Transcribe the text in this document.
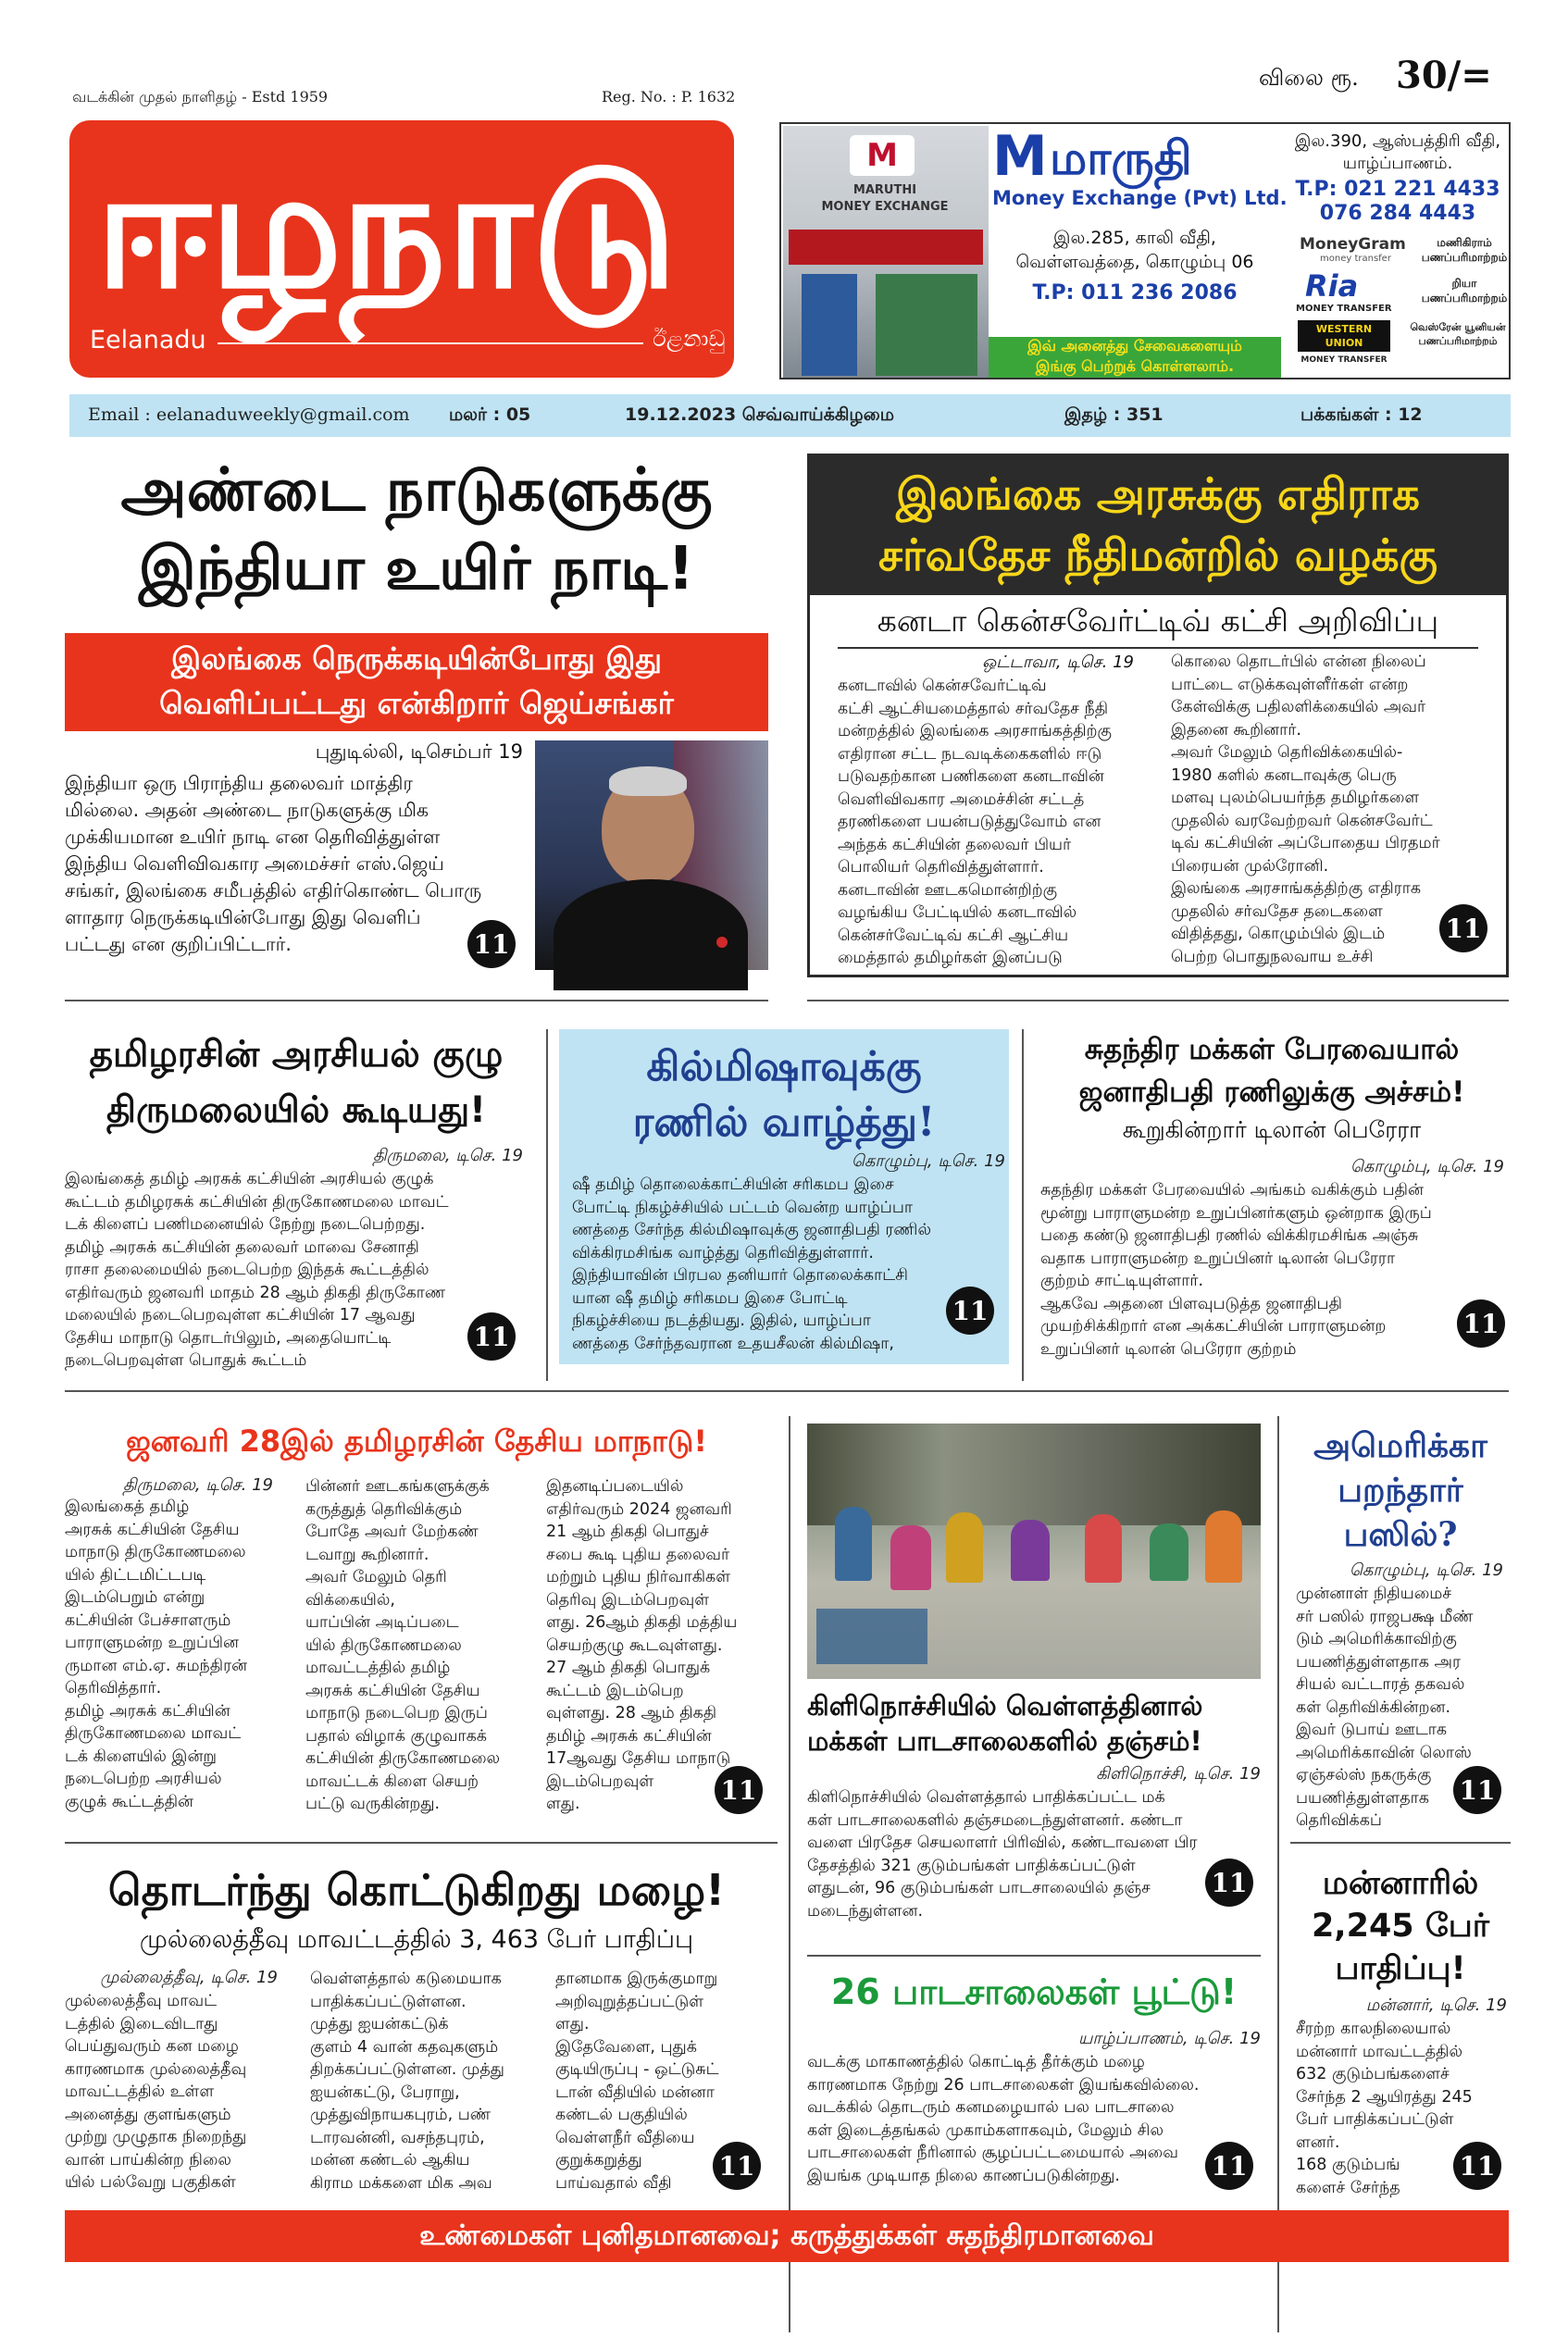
வடக்கின் முதல் நாளிதழ் - Estd 1959	Reg. No. : P. 1632
விலை ரூ. 30/=
ஈழநாடு
Eelanadu	ඊළනාඩු
M
MARUTHI
MONEY EXCHANGE
M மாருதி
Money Exchange (Pvt) Ltd.
இல.285, காலி வீதி,
வெள்ளவத்தை, கொழும்பு 06
T.P: 011 236 2086
இவ் அனைத்து சேவைகளையும்
இங்கு பெற்றுக் கொள்ளலாம்.
இல.390, ஆஸ்பத்திரி வீதி,
யாழ்ப்பாணம்.
T.P: 021 221 4433
076 284 4443
MoneyGram
money transfer
மணிகிராம் பணப்பரிமாற்றம்
Ria
MONEY TRANSFER
றியா பணப்பரிமாற்றம்
WESTERN UNION
MONEY TRANSFER
வெஸ்ரேன் யூனியன் பணப்பரிமாற்றம்
Email : eelanaduweekly@gmail.com மலர் : 05	19.12.2023 செவ்வாய்க்கிழமை	இதழ் : 351	பக்கங்கள் : 12
அண்டை நாடுகளுக்கு
இந்தியா உயிர் நாடி!
இலங்கை நெருக்கடியின்போது இது
வெளிப்பட்டது என்கிறார் ஜெய்சங்கர்
புதுடில்லி, டிசெம்பர் 19
இந்தியா ஒரு பிராந்திய தலைவர் மாத்திர
மில்லை. அதன் அண்டை நாடுகளுக்கு மிக
முக்கியமான உயிர் நாடி என தெரிவித்துள்ள
இந்திய வெளிவிவகார அமைச்சர் எஸ்.ஜெய்
சங்கர், இலங்கை சமீபத்தில் எதிர்கொண்ட பொரு
ளாதார நெருக்கடியின்போது இது வெளிப்
பட்டது என குறிப்பிட்டார்.	11
இலங்கை அரசுக்கு எதிராக
சர்வதேச நீதிமன்றில் வழக்கு
கனடா கென்சவேர்ட்டிவ் கட்சி அறிவிப்பு
ஒட்டாவா, டிசெ. 19
கனடாவில் கென்சவேர்ட்டிவ்
கட்சி ஆட்சியமைத்தால் சர்வதேச நீதி
மன்றத்தில் இலங்கை அரசாங்கத்திற்கு
எதிரான சட்ட நடவடிக்கைகளில் ஈடு
படுவதற்கான பணிகளை கனடாவின்
வெளிவிவகார அமைச்சின் சட்டத்
தரணிகளை பயன்படுத்துவோம் என
அந்தக் கட்சியின் தலைவர் பியர்
பொலியர் தெரிவித்துள்ளார்.
கனடாவின் ஊடகமொன்றிற்கு
வழங்கிய பேட்டியில் கனடாவில்
கென்சர்வேட்டிவ் கட்சி ஆட்சிய
மைத்தால் தமிழர்கள் இனப்படு
கொலை தொடர்பில் என்ன நிலைப்
பாட்டை எடுக்கவுள்ளீர்கள் என்ற
கேள்விக்கு பதிலளிக்கையில் அவர்
இதனை கூறினார்.
அவர் மேலும் தெரிவிக்கையில்-
1980 களில் கனடாவுக்கு பெரு
மளவு புலம்பெயர்ந்த தமிழர்களை
முதலில் வரவேற்றவர் கென்சவேர்ட்
டிவ் கட்சியின் அப்போதைய பிரதமர்
பிரையன் முல்ரோனி.
இலங்கை அரசாங்கத்திற்கு எதிராக
முதலில் சர்வதேச தடைகளை
விதித்தது, கொழும்பில் இடம்
பெற்ற பொதுநலவாய உச்சி
11
தமிழரசின் அரசியல் குழு
திருமலையில் கூடியது!
திருமலை, டிசெ. 19
இலங்கைத் தமிழ் அரசுக் கட்சியின் அரசியல் குழுக்
கூட்டம் தமிழரசுக் கட்சியின் திருகோணமலை மாவட்
டக் கிளைப் பணிமனையில் நேற்று நடைபெற்றது.
தமிழ் அரசுக் கட்சியின் தலைவர் மாவை சேனாதி
ராசா தலைமையில் நடைபெற்ற இந்தக் கூட்டத்தில்
எதிர்வரும் ஜனவரி மாதம் 28 ஆம் திகதி திருகோண
மலையில் நடைபெறவுள்ள கட்சியின் 17 ஆவது
தேசிய மாநாடு தொடர்பிலும், அதையொட்டி
நடைபெறவுள்ள பொதுக் கூட்டம்
11
கில்மிஷாவுக்கு
ரணில் வாழ்த்து!
கொழும்பு, டிசெ. 19
ஷீ தமிழ் தொலைக்காட்சியின் சரிகமப இசை
போட்டி நிகழ்ச்சியில் பட்டம் வென்ற யாழ்ப்பா
ணத்தை சேர்ந்த கில்மிஷாவுக்கு ஜனாதிபதி ரணில்
விக்கிரமசிங்க வாழ்த்து தெரிவித்துள்ளார்.
இந்தியாவின் பிரபல தனியார் தொலைக்காட்சி
யான ஷீ தமிழ் சரிகமப இசை போட்டி
நிகழ்ச்சியை நடத்தியது. இதில், யாழ்ப்பா
ணத்தை சேர்ந்தவரான உதயசீலன் கில்மிஷா,
11
சுதந்திர மக்கள் பேரவையால்
ஜனாதிபதி ரணிலுக்கு அச்சம்!
கூறுகின்றார் டிலான் பெரேரா
கொழும்பு, டிசெ. 19
சுதந்திர மக்கள் பேரவையில் அங்கம் வகிக்கும் பதின்
மூன்று பாராளுமன்ற உறுப்பினர்களும் ஒன்றாக இருப்
பதை கண்டு ஜனாதிபதி ரணில் விக்கிரமசிங்க அஞ்சு
வதாக பாராளுமன்ற உறுப்பினர் டிலான் பெரேரா
குற்றம் சாட்டியுள்ளார்.
ஆகவே அதனை பிளவுபடுத்த ஜனாதிபதி
முயற்சிக்கிறார் என அக்கட்சியின் பாராளுமன்ற
உறுப்பினர் டிலான் பெரேரா குற்றம்
11
ஜனவரி 28இல் தமிழரசின் தேசிய மாநாடு!
திருமலை, டிசெ. 19
இலங்கைத் தமிழ்
அரசுக் கட்சியின் தேசிய
மாநாடு திருகோணமலை
யில் திட்டமிட்டபடி
இடம்பெறும் என்று
கட்சியின் பேச்சாளரும்
பாராளுமன்ற உறுப்பின
ருமான எம்.ஏ. சுமந்திரன்
தெரிவித்தார்.
தமிழ் அரசுக் கட்சியின்
திருகோணமலை மாவட்
டக் கிளையில் இன்று
நடைபெற்ற அரசியல்
குழுக் கூட்டத்தின்
பின்னர் ஊடகங்களுக்குக்
கருத்துத் தெரிவிக்கும்
போதே அவர் மேற்கண்
டவாறு கூறினார்.
அவர் மேலும் தெரி
விக்கையில்,
யாப்பின் அடிப்படை
யில் திருகோணமலை
மாவட்டத்தில் தமிழ்
அரசுக் கட்சியின் தேசிய
மாநாடு நடைபெற இருப்
பதால் விழாக் குழுவாகக்
கட்சியின் திருகோணமலை
மாவட்டக் கிளை செயற்
பட்டு வருகின்றது.
இதனடிப்படையில்
எதிர்வரும் 2024 ஜனவரி
21 ஆம் திகதி பொதுச்
சபை கூடி புதிய தலைவர்
மற்றும் புதிய நிர்வாகிகள்
தெரிவு இடம்பெறவுள்
ளது. 26ஆம் திகதி மத்திய
செயற்குழு கூடவுள்ளது.
27 ஆம் திகதி பொதுக்
கூட்டம் இடம்பெற
வுள்ளது. 28 ஆம் திகதி
தமிழ் அரசுக் கட்சியின்
17ஆவது தேசிய மாநாடு
இடம்பெறவுள்
ளது.	11
கிளிநொச்சியில் வெள்ளத்தினால்
மக்கள் பாடசாலைகளில் தஞ்சம்!
கிளிநொச்சி, டிசெ. 19
கிளிநொச்சியில் வெள்ளத்தால் பாதிக்கப்பட்ட மக்
கள் பாடசாலைகளில் தஞ்சமடைந்துள்ளனர். கண்டா
வளை பிரதேச செயலாளர் பிரிவில், கண்டாவளை பிர
தேசத்தில் 321 குடும்பங்கள் பாதிக்கப்பட்டுள்
ளதுடன், 96 குடும்பங்கள் பாடசாலையில் தஞ்ச
மடைந்துள்ளன.
11
அமெரிக்கா
பறந்தார்
பஸில்?
கொழும்பு, டிசெ. 19
முன்னாள் நிதியமைச்
சர் பஸில் ராஜபக்ஷ மீண்
டும் அமெரிக்காவிற்கு
பயணித்துள்ளதாக அர
சியல் வட்டாரத் தகவல்
கள் தெரிவிக்கின்றன.
இவர் டுபாய் ஊடாக
அமெரிக்காவின் லொஸ்
ஏஞ்சல்ஸ் நகருக்கு
பயணித்துள்ளதாக
தெரிவிக்கப்
11
தொடர்ந்து கொட்டுகிறது மழை!
முல்லைத்தீவு மாவட்டத்தில் 3, 463 பேர் பாதிப்பு
முல்லைத்தீவு, டிசெ. 19
முல்லைத்தீவு மாவட்
டத்தில் இடைவிடாது
பெய்துவரும் கன மழை
காரணமாக முல்லைத்தீவு
மாவட்டத்தில் உள்ள
அனைத்து குளங்களும்
முற்று முழுதாக நிறைந்து
வான் பாய்கின்ற நிலை
யில் பல்வேறு பகுதிகள்
வெள்ளத்தால் கடுமையாக
பாதிக்கப்பட்டுள்ளன.
முத்து ஐயன்கட்டுக்
குளம் 4 வான் கதவுகளும்
திறக்கப்பட்டுள்ளன. முத்து
ஐயன்கட்டு, பேராறு,
முத்துவிநாயகபுரம், பண்
டாரவன்னி, வசந்தபுரம்,
மன்ன கண்டல் ஆகிய
கிராம மக்களை மிக அவ
தானமாக இருக்குமாறு
அறிவுறுத்தப்பட்டுள்
ளது.
இதேவேளை, புதுக்
குடியிருப்பு - ஒட்டுசுட்
டான் வீதியில் மன்னா
கண்டல் பகுதியில்
வெள்ளநீர் வீதியை
குறுக்கறுத்து
பாய்வதால் வீதி
11
26 பாடசாலைகள் பூட்டு!
யாழ்ப்பாணம், டிசெ. 19
வடக்கு மாகாணத்தில் கொட்டித் தீர்க்கும் மழை
காரணமாக நேற்று 26 பாடசாலைகள் இயங்கவில்லை.
வடக்கில் தொடரும் கனமழையால் பல பாடசாலை
கள் இடைத்தங்கல் முகாம்களாகவும், மேலும் சில
பாடசாலைகள் நீரினால் சூழப்பட்டமையால் அவை
இயங்க முடியாத நிலை காணப்படுகின்றது.	11
மன்னாரில்
2,245 பேர்
பாதிப்பு!
மன்னார், டிசெ. 19
சீரற்ற காலநிலையால்
மன்னார் மாவட்டத்தில்
632 குடும்பங்களைச்
சேர்ந்த 2 ஆயிரத்து 245
பேர் பாதிக்கப்பட்டுள்
ளனர்.
168 குடும்பங்
களைச் சேர்ந்த
11
உண்மைகள் புனிதமானவை; கருத்துக்கள் சுதந்திரமானவை
